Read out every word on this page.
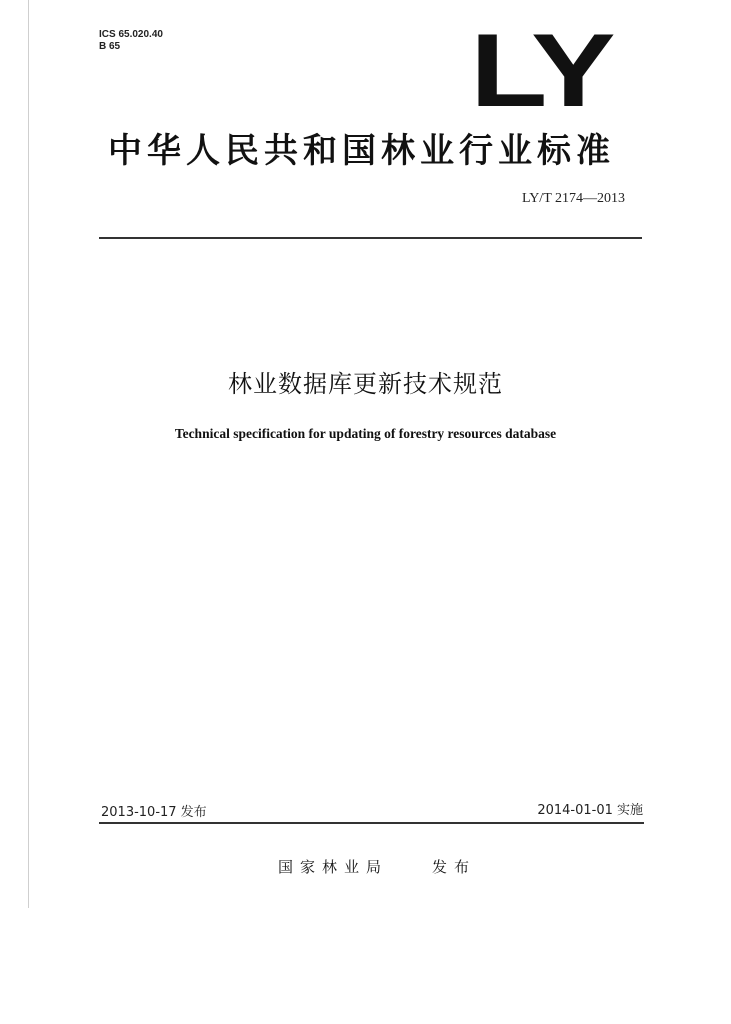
ICS 65.020.40
B 65	LY
中华人民共和国林业行业标准
LY/T 2174—2013
林业数据库更新技术规范
Technical specification for updating of forestry resources database
2013-10-17 发布	2014-01-01 实施
国家林业局	发布
